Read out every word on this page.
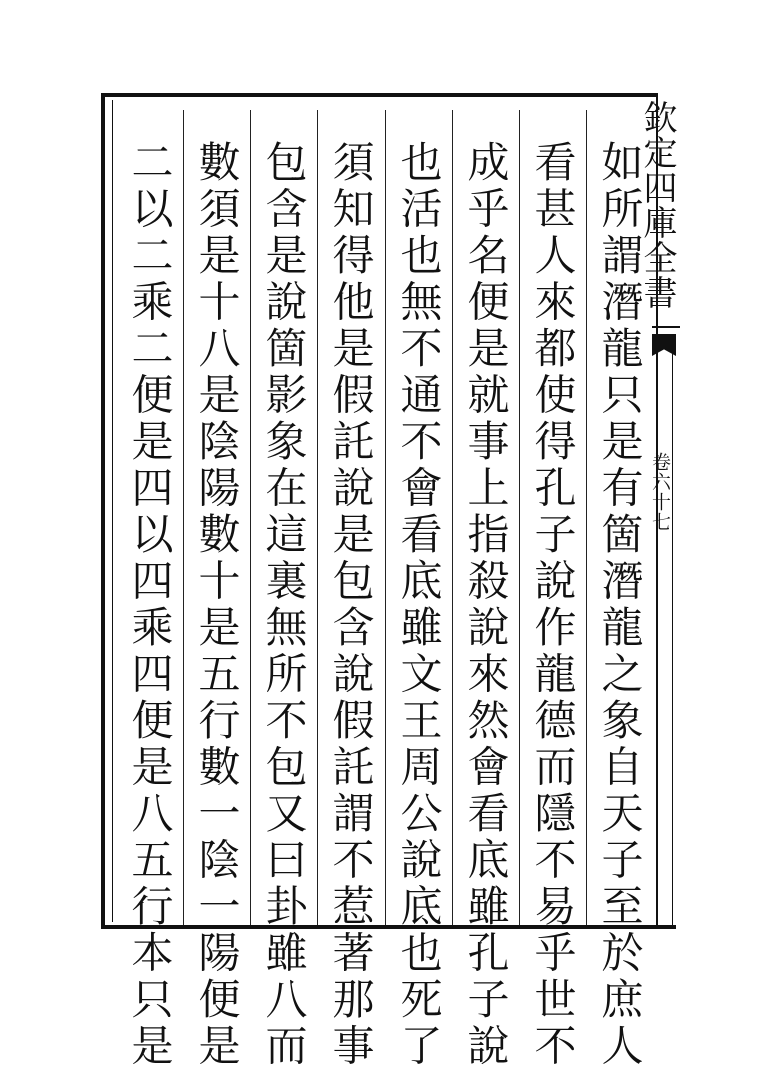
如所謂潛龍只是有箇潛龍之象自天子至於庶人
看甚人來都使得孔子說作龍德而隱不易乎世不
成乎名便是就事上指殺說來然會看底雖孔子說
也活也無不通不會看底雖文王周公說底也死了
須知得他是假託說是包含說假託謂不惹著那事
包含是說箇影象在這裏無所不包又曰卦雖八而
數須是十八是陰陽數十是五行數一陰一陽便是
二以二乘二便是四以四乘四便是八五行本只是	欽定四庫全書
卷六十七
